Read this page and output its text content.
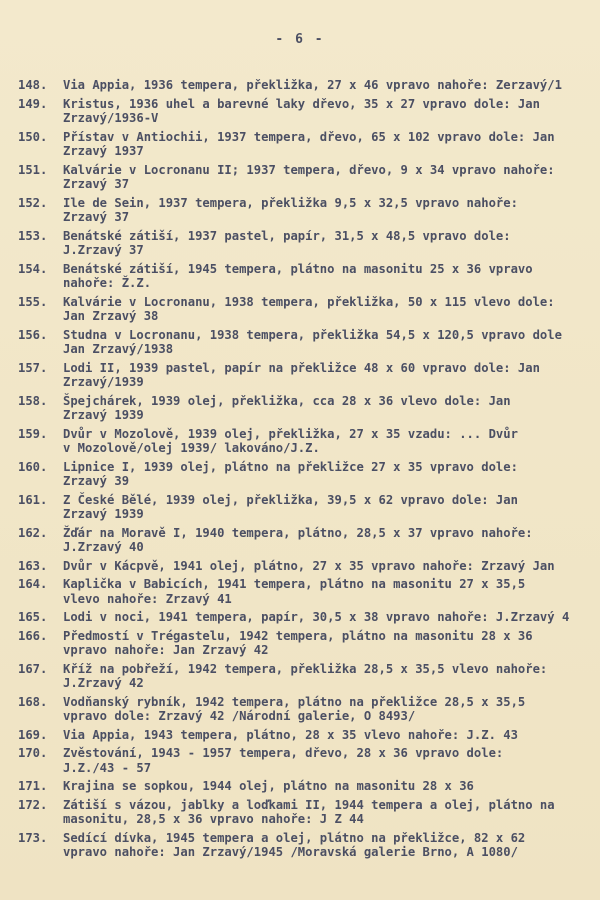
- 6 -
148.	Via Appia, 1936 tempera, překližka, 27 x 46 vpravo nahoře: Zerzavý/1
149.	Kristus, 1936 uhel a barevné laky dřevo, 35 x 27 vpravo dole: Jan
Zrzavý/1936-V
150.	Přístav v Antiochii, 1937 tempera, dřevo, 65 x 102 vpravo dole: Jan
Zrzavý 1937
151.	Kalvárie v Locronanu II; 1937 tempera, dřevo, 9 x 34 vpravo nahoře:
Zrzavý 37
152.	Ile de Sein, 1937 tempera, překližka 9,5 x 32,5 vpravo nahoře:
Zrzavý 37
153.	Benátské zátiší, 1937 pastel, papír, 31,5 x 48,5 vpravo dole:
J.Zrzavý 37
154.	Benátské zátiší, 1945 tempera, plátno na masonitu 25 x 36 vpravo
nahoře: Ž.Z.
155.	Kalvárie v Locronanu, 1938 tempera, překližka, 50 x 115 vlevo dole:
Jan Zrzavý 38
156.	Studna v Locronanu, 1938 tempera, překližka 54,5 x 120,5 vpravo dole
Jan Zrzavý/1938
157.	Lodi II, 1939 pastel, papír na překližce 48 x 60 vpravo dole: Jan
Zrzavý/1939
158.	Špejchárek, 1939 olej, překližka, cca 28 x 36 vlevo dole: Jan
Zrzavý 1939
159.	Dvůr v Mozolově, 1939 olej, překližka, 27 x 35 vzadu: ... Dvůr
v Mozolově/olej 1939/ lakováno/J.Z.
160.	Lipnice I, 1939 olej, plátno na překližce 27 x 35 vpravo dole:
Zrzavý 39
161.	Z České Bělé, 1939 olej, překližka, 39,5 x 62 vpravo dole: Jan
Zrzavý 1939
162.	Žďár na Moravě I, 1940 tempera, plátno, 28,5 x 37 vpravo nahoře:
J.Zrzavý 40
163.	Dvůr v Kácpvě, 1941 olej, plátno, 27 x 35 vpravo nahoře: Zrzavý Jan
164.	Kaplička v Babicích, 1941 tempera, plátno na masonitu 27 x 35,5
vlevo nahoře: Zrzavý 41
165.	Lodi v noci, 1941 tempera, papír, 30,5 x 38 vpravo nahoře: J.Zrzavý 4
166.	Předmostí v Trégastelu, 1942 tempera, plátno na masonitu 28 x 36
vpravo nahoře: Jan Zrzavý 42
167.	Kříž na pobřeží, 1942 tempera, překližka 28,5 x 35,5 vlevo nahoře:
J.Zrzavý 42
168.	Vodňanský rybník, 1942 tempera, plátno na překližce 28,5 x 35,5
vpravo dole: Zrzavý 42 /Národní galerie, O 8493/
169.	Via Appia, 1943 tempera, plátno, 28 x 35 vlevo nahoře: J.Z. 43
170.	Zvěstování, 1943 - 1957 tempera, dřevo, 28 x 36 vpravo dole:
J.Z./43 - 57
171.	Krajina se sopkou, 1944 olej, plátno na masonitu 28 x 36
172.	Zátiší s vázou, jablky a loďkami II, 1944 tempera a olej, plátno na
masonitu, 28,5 x 36 vpravo nahoře: J Z 44
173.	Sedící dívka, 1945 tempera a olej, plátno na překližce, 82 x 62
vpravo nahoře: Jan Zrzavý/1945 /Moravská galerie Brno, A 1080/
